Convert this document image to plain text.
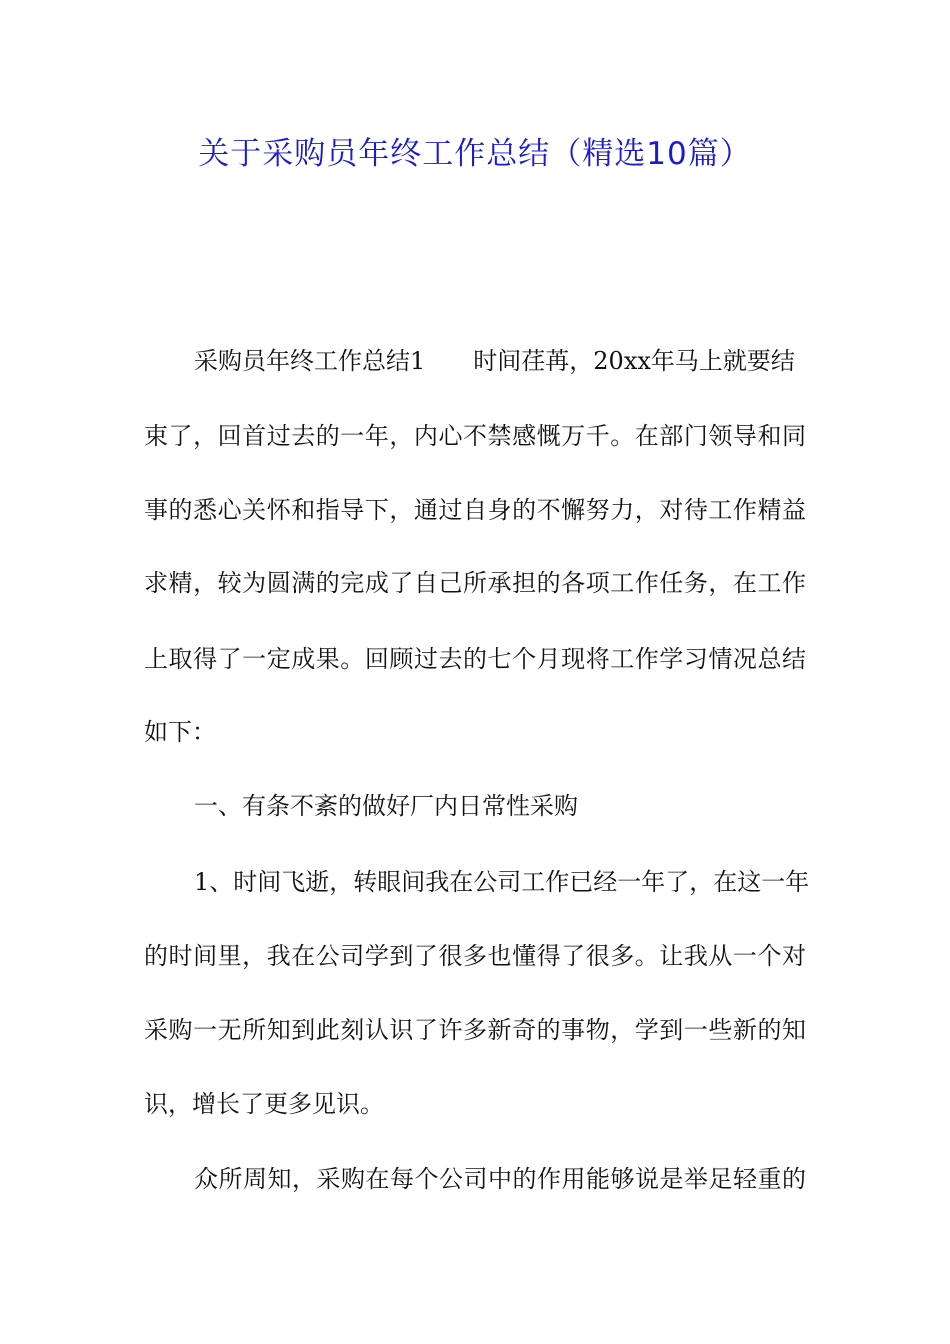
关于采购员年终工作总结（精选10篇）
采购员年终工作总结1 时间荏苒，20xx年马上就要结
束了，回首过去的一年，内心不禁感慨万千。在部门领导和同
事的悉心关怀和指导下，通过自身的不懈努力，对待工作精益
求精，较为圆满的完成了自己所承担的各项工作任务，在工作
上取得了一定成果。回顾过去的七个月现将工作学习情况总结
如下：
一、有条不紊的做好厂内日常性采购
1、时间飞逝，转眼间我在公司工作已经一年了，在这一年
的时间里，我在公司学到了很多也懂得了很多。让我从一个对
采购一无所知到此刻认识了许多新奇的事物，学到一些新的知
识，增长了更多见识。
众所周知，采购在每个公司中的作用能够说是举足轻重的
